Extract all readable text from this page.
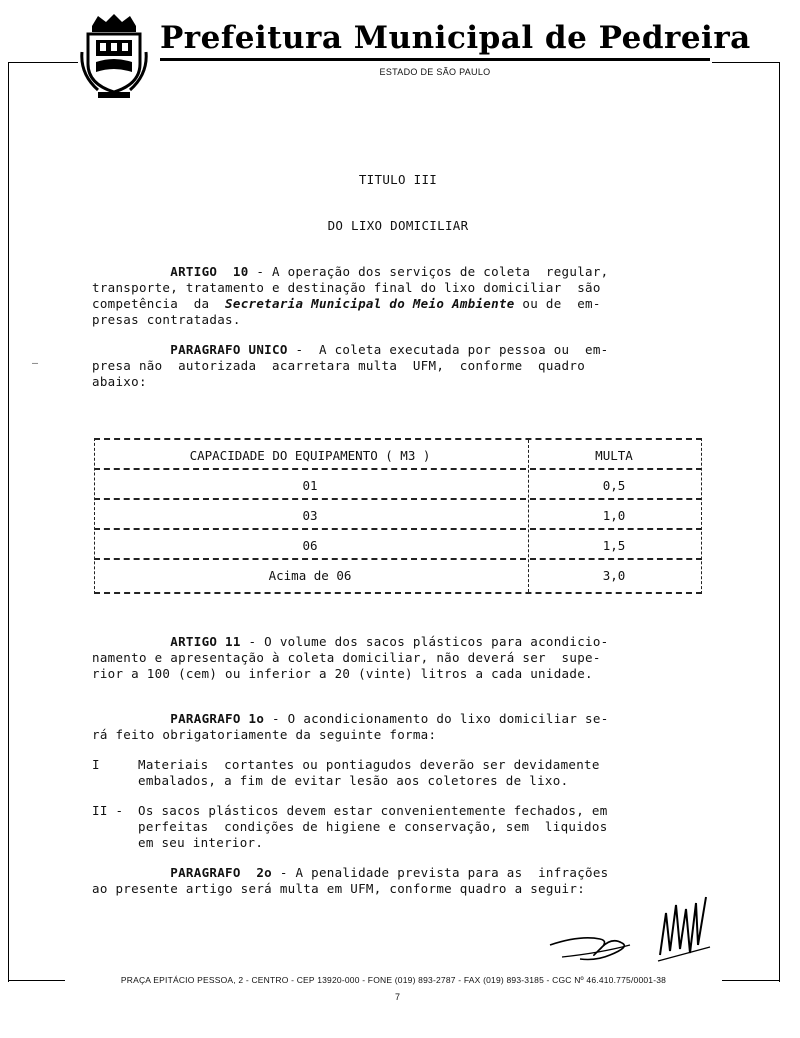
Prefeitura Municipal de Pedreira
ESTADO DE SÃO PAULO
TITULO III
DO LIXO DOMICILIAR
ARTIGO  10 - A operação dos serviços de coleta  regular,
transporte, tratamento e destinação final do lixo domiciliar  são
competência  da  Secretaria Municipal do Meio Ambiente ou de  em-
presas contratadas.
PARAGRAFO UNICO -  A coleta executada por pessoa ou  em-
presa não  autorizada  acarretara multa  UFM,  conforme  quadro
abaixo:
—
CAPACIDADE DO EQUIPAMENTO ( M3 )	MULTA
01	0,5
03	1,0
06	1,5
Acima de 06	3,0
ARTIGO 11 - O volume dos sacos plásticos para acondicio-
namento e apresentação à coleta domiciliar, não deverá ser  supe-
rior a 100 (cem) ou inferior a 20 (vinte) litros a cada unidade.
PARAGRAFO 1o - O acondicionamento do lixo domiciliar se-
rá feito obrigatoriamente da seguinte forma:
I	Materiais  cortantes ou pontiagudos deverão ser devidamente
embalados, a fim de evitar lesão aos coletores de lixo.
II -	Os sacos plásticos devem estar convenientemente fechados, em
perfeitas  condições de higiene e conservação, sem  liquidos
em seu interior.
PARAGRAFO  2o - A penalidade prevista para as  infrações
ao presente artigo será multa em UFM, conforme quadro a seguir:
PRAÇA EPITÁCIO PESSOA, 2 - CENTRO - CEP 13920-000 - FONE (019) 893-2787 - FAX (019) 893-3185 - CGC Nº 46.410.775/0001-38
7
